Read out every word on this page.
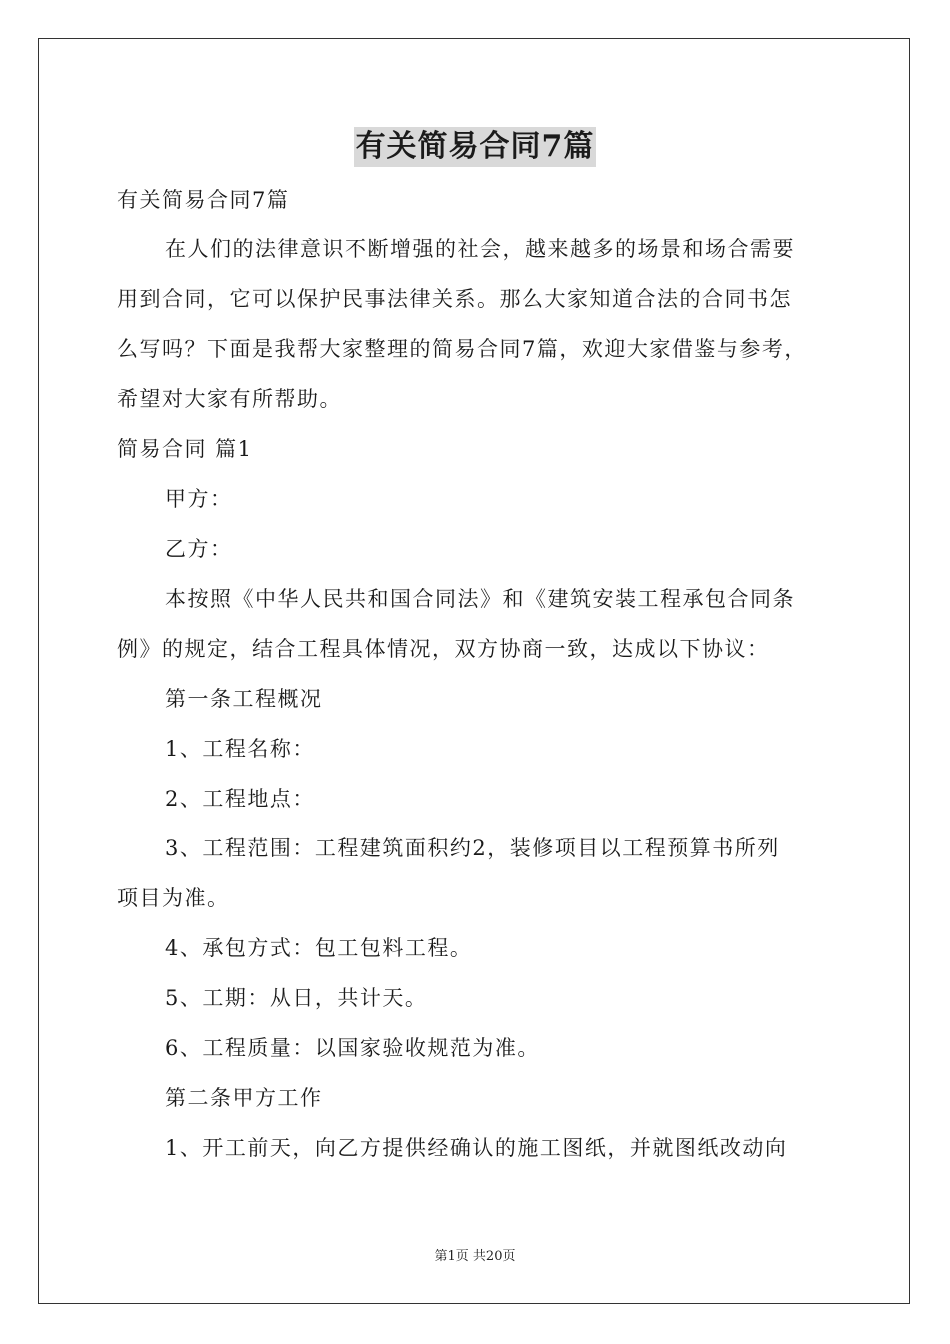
有关简易合同7篇
有关简易合同7篇
在人们的法律意识不断增强的社会，越来越多的场景和场合需要
用到合同，它可以保护民事法律关系。那么大家知道合法的合同书怎
么写吗？下面是我帮大家整理的简易合同7篇，欢迎大家借鉴与参考，
希望对大家有所帮助。
简易合同 篇1
甲方：
乙方：
本按照《中华人民共和国合同法》和《建筑安装工程承包合同条
例》的规定，结合工程具体情况，双方协商一致，达成以下协议：
第一条工程概况
1、工程名称：
2、工程地点：
3、工程范围：工程建筑面积约2，装修项目以工程预算书所列
项目为准。
4、承包方式：包工包料工程。
5、工期：从日，共计天。
6、工程质量：以国家验收规范为准。
第二条甲方工作
1、开工前天，向乙方提供经确认的施工图纸，并就图纸改动向
第1页 共20页
